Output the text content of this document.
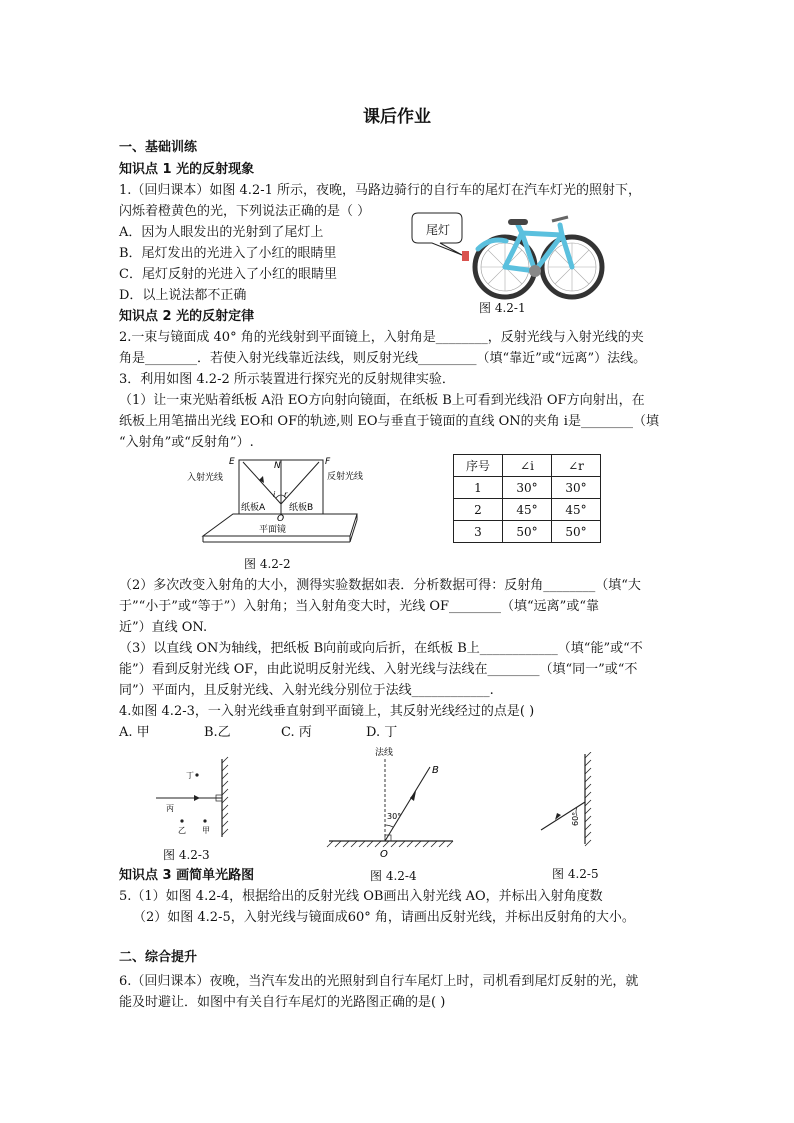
课后作业
一、基础训练
知识点 1 光的反射现象
1.（回归课本）如图 4.2-1 所示，夜晚，马路边骑行的自行车的尾灯在汽车灯光的照射下，
闪烁着橙黄色的光，下列说法正确的是（ ）
A．因为人眼发出的光射到了尾灯上
B．尾灯发出的光进入了小红的眼睛里
C．尾灯反射的光进入了小红的眼睛里
D．以上说法都不正确
尾灯
图 4.2-1
知识点 2 光的反射定律
2.一束与镜面成 40° 角的光线射到平面镜上，入射角是________，反射光线与入射光线的夹
角是________．若使入射光线靠近法线，则反射光线_________（填“靠近”或“远离”）法线。
3．利用如图 4.2-2 所示装置进行探究光的反射规律实验．
（1）让一束光贴着纸板 A沿 EO方向射向镜面，在纸板 B上可看到光线沿 OF方向射出，在
纸板上用笔描出光线 EO和 OF的轨迹,则 EO与垂直于镜面的直线 ON的夹角 i是________（填
“入射角”或“反射角”）.
E	N	F
i r
O
入射光线	反射光线
纸板A	纸板B
平面镜
图 4.2-2
序号	∠i	∠r
1	30°	30°
2	45°	45°
3	50°	50°
（2）多次改变入射角的大小，测得实验数据如表．分析数据可得：反射角________（填“大
于”“小于”或“等于”）入射角；当入射角变大时，光线 OF________（填“远离”或“靠
近”）直线 ON.
（3）以直线 ON为轴线，把纸板 B向前或向后折，在纸板 B上____________（填“能”或“不
能”）看到反射光线 OF，由此说明反射光线、入射光线与法线在________（填“同一”或“不
同”）平面内，且反射光线、入射光线分别位于法线____________.
4.如图 4.2-3，一入射光线垂直射到平面镜上，其反射光线经过的点是( )
A. 甲	B.乙	C. 丙	D. 丁
丁
丙
乙 甲
图 4.2-3
法线
B
30°
O
图 4.2-4
60°
图 4.2-5
知识点 3 画简单光路图
5.（1）如图 4.2-4，根据给出的反射光线 OB画出入射光线 AO，并标出入射角度数
（2）如图 4.2-5，入射光线与镜面成60° 角，请画出反射光线，并标出反射角的大小。
二、综合提升
6.（回归课本）夜晚，当汽车发出的光照射到自行车尾灯上时，司机看到尾灯反射的光，就
能及时避让．如图中有关自行车尾灯的光路图正确的是( )
